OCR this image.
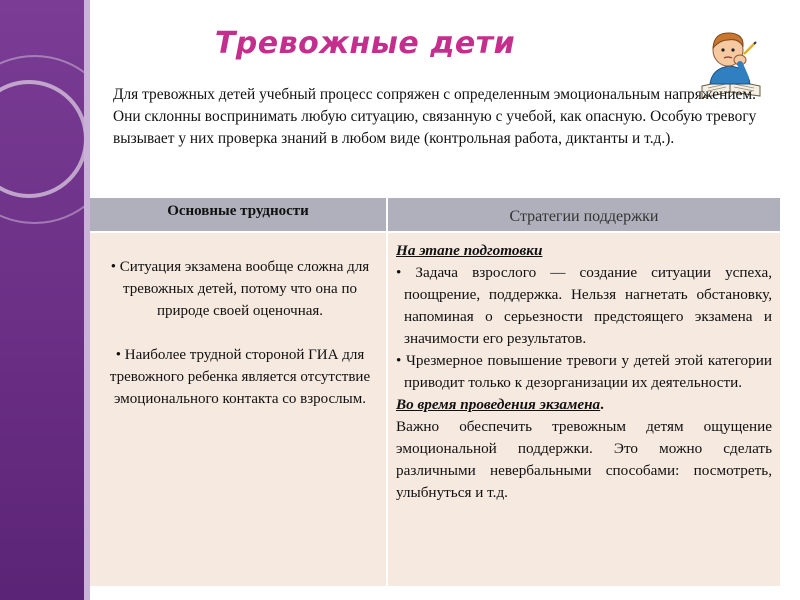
Тревожные дети
Для тревожных детей учебный процесс сопряжен с определенным эмоциональным напряжением. Они склонны воспринимать любую ситуацию, связанную с учебой, как опасную. Особую тревогу вызывает у них проверка знаний в любом виде (контрольная работа, диктанты и т.д.).
Основные трудности	Стратегии поддержки

• Ситуация экзамена вообще сложна для тревожных детей, потому что она по природе своей оценочная.

• Наиболее трудной стороной ГИА для тревожного ребенка является отсутствие эмоционального контакта со взрослым.

На этапе подготовки
• Задача взрослого — создание ситуации успеха, поощрение, поддержка. Нельзя нагнетать обстановку, напоминая о серьезности предстоящего экзамена и значимости его результатов.
• Чрезмерное повышение тревоги у детей этой категории приводит только к дезорганизации их деятельности.
Во время проведения экзамена.
Важно обеспечить тревожным детям ощущение эмоциональной поддержки. Это можно сделать различными невербальными способами: посмотреть, улыбнуться и т.д.
